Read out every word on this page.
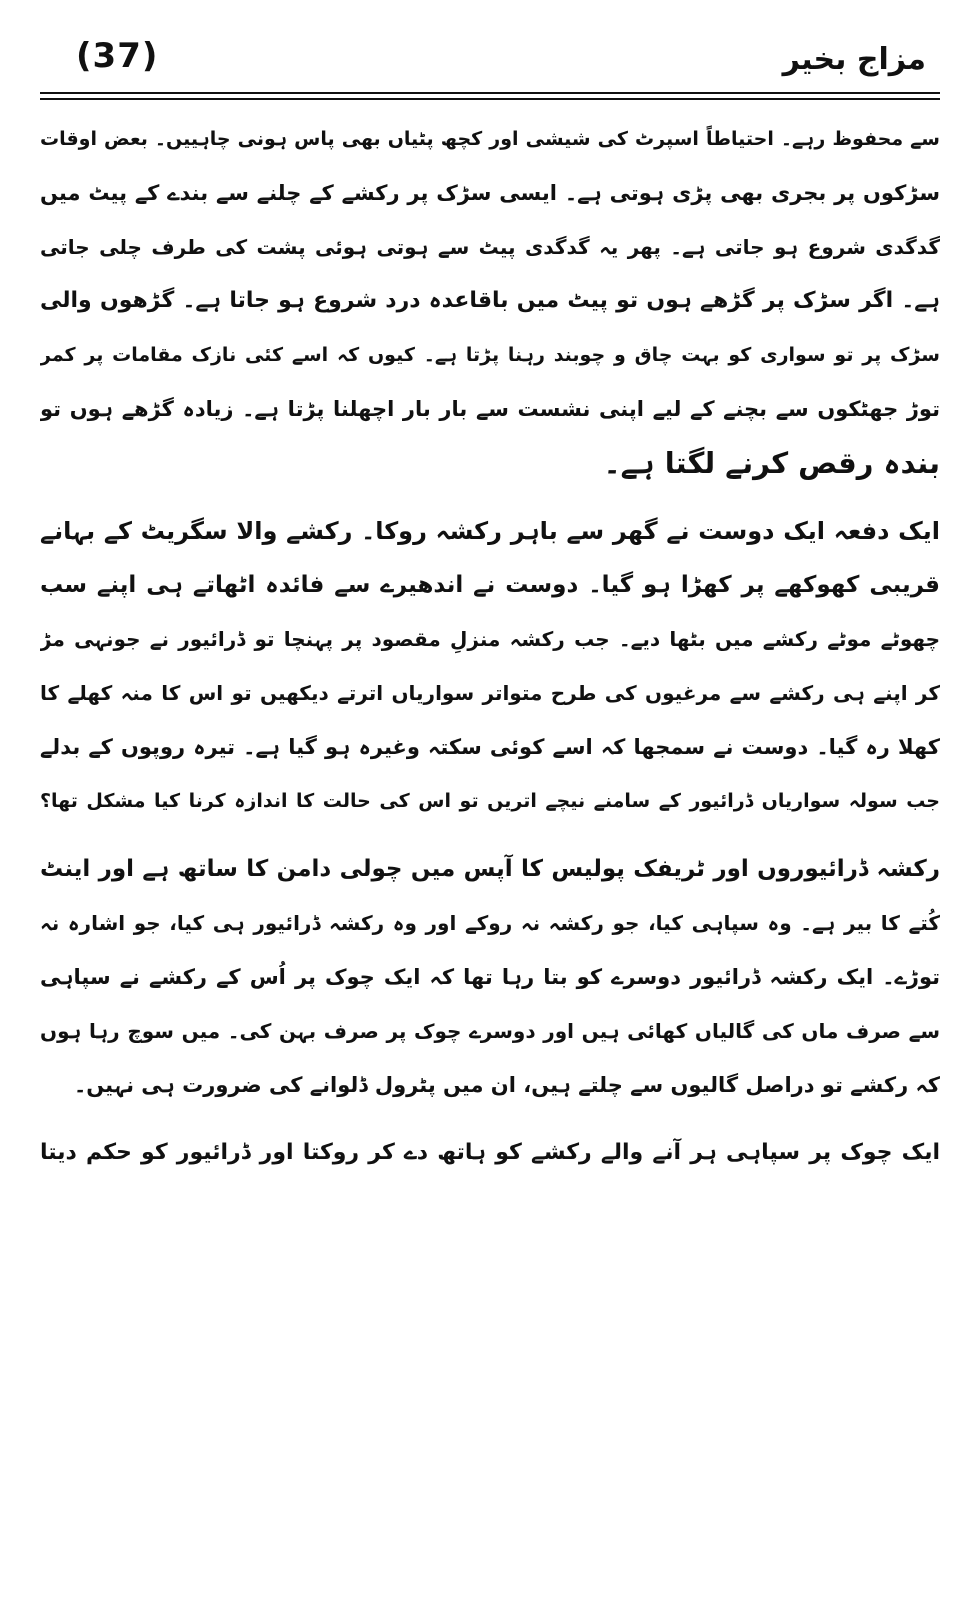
(37)	مزاج بخیر
سے محفوظ رہے۔ احتیاطاً اسپرٹ کی شیشی اور کچھ پٹیاں بھی پاس ہونی چاہییں۔ بعض اوقات
سڑکوں پر بجری بھی پڑی ہوتی ہے۔ ایسی سڑک پر رکشے کے چلنے سے بندے کے پیٹ میں
گدگدی شروع ہو جاتی ہے۔ پھر یہ گدگدی پیٹ سے ہوتی ہوئی پشت کی طرف چلی جاتی
ہے۔ اگر سڑک پر گڑھے ہوں تو پیٹ میں باقاعدہ درد شروع ہو جاتا ہے۔ گڑھوں والی
سڑک پر تو سواری کو بہت چاق و چوبند رہنا پڑتا ہے۔ کیوں کہ اسے کئی نازک مقامات پر کمر
توڑ جھٹکوں سے بچنے کے لیے اپنی نشست سے بار بار اچھلنا پڑتا ہے۔ زیادہ گڑھے ہوں تو
بندہ رقص کرنے لگتا ہے۔
ایک دفعہ ایک دوست نے گھر سے باہر رکشہ روکا۔ رکشے والا سگریٹ کے بہانے
قریبی کھوکھے پر کھڑا ہو گیا۔ دوست نے اندھیرے سے فائدہ اٹھاتے ہی اپنے سب
چھوٹے موٹے رکشے میں بٹھا دیے۔ جب رکشہ منزلِ مقصود پر پہنچا تو ڈرائیور نے جونہی مڑ
کر اپنے ہی رکشے سے مرغیوں کی طرح متواتر سواریاں اترتے دیکھیں تو اس کا منہ کھلے کا
کھلا رہ گیا۔ دوست نے سمجھا کہ اسے کوئی سکتہ وغیرہ ہو گیا ہے۔ تیرہ روپوں کے بدلے
جب سولہ سواریاں ڈرائیور کے سامنے نیچے اتریں تو اس کی حالت کا اندازہ کرنا کیا مشکل تھا؟
رکشہ ڈرائیوروں اور ٹریفک پولیس کا آپس میں چولی دامن کا ساتھ ہے اور اینٹ
کُتے کا بیر ہے۔ وہ سپاہی کیا، جو رکشہ نہ روکے اور وہ رکشہ ڈرائیور ہی کیا، جو اشارہ نہ
توڑے۔ ایک رکشہ ڈرائیور دوسرے کو بتا رہا تھا کہ ایک چوک پر اُس کے رکشے نے سپاہی
سے صرف ماں کی گالیاں کھائی ہیں اور دوسرے چوک پر صرف بہن کی۔ میں سوچ رہا ہوں
کہ رکشے تو دراصل گالیوں سے چلتے ہیں، ان میں پٹرول ڈلوانے کی ضرورت ہی نہیں۔
ایک چوک پر سپاہی ہر آنے والے رکشے کو ہاتھ دے کر روکتا اور ڈرائیور کو حکم دیتا
